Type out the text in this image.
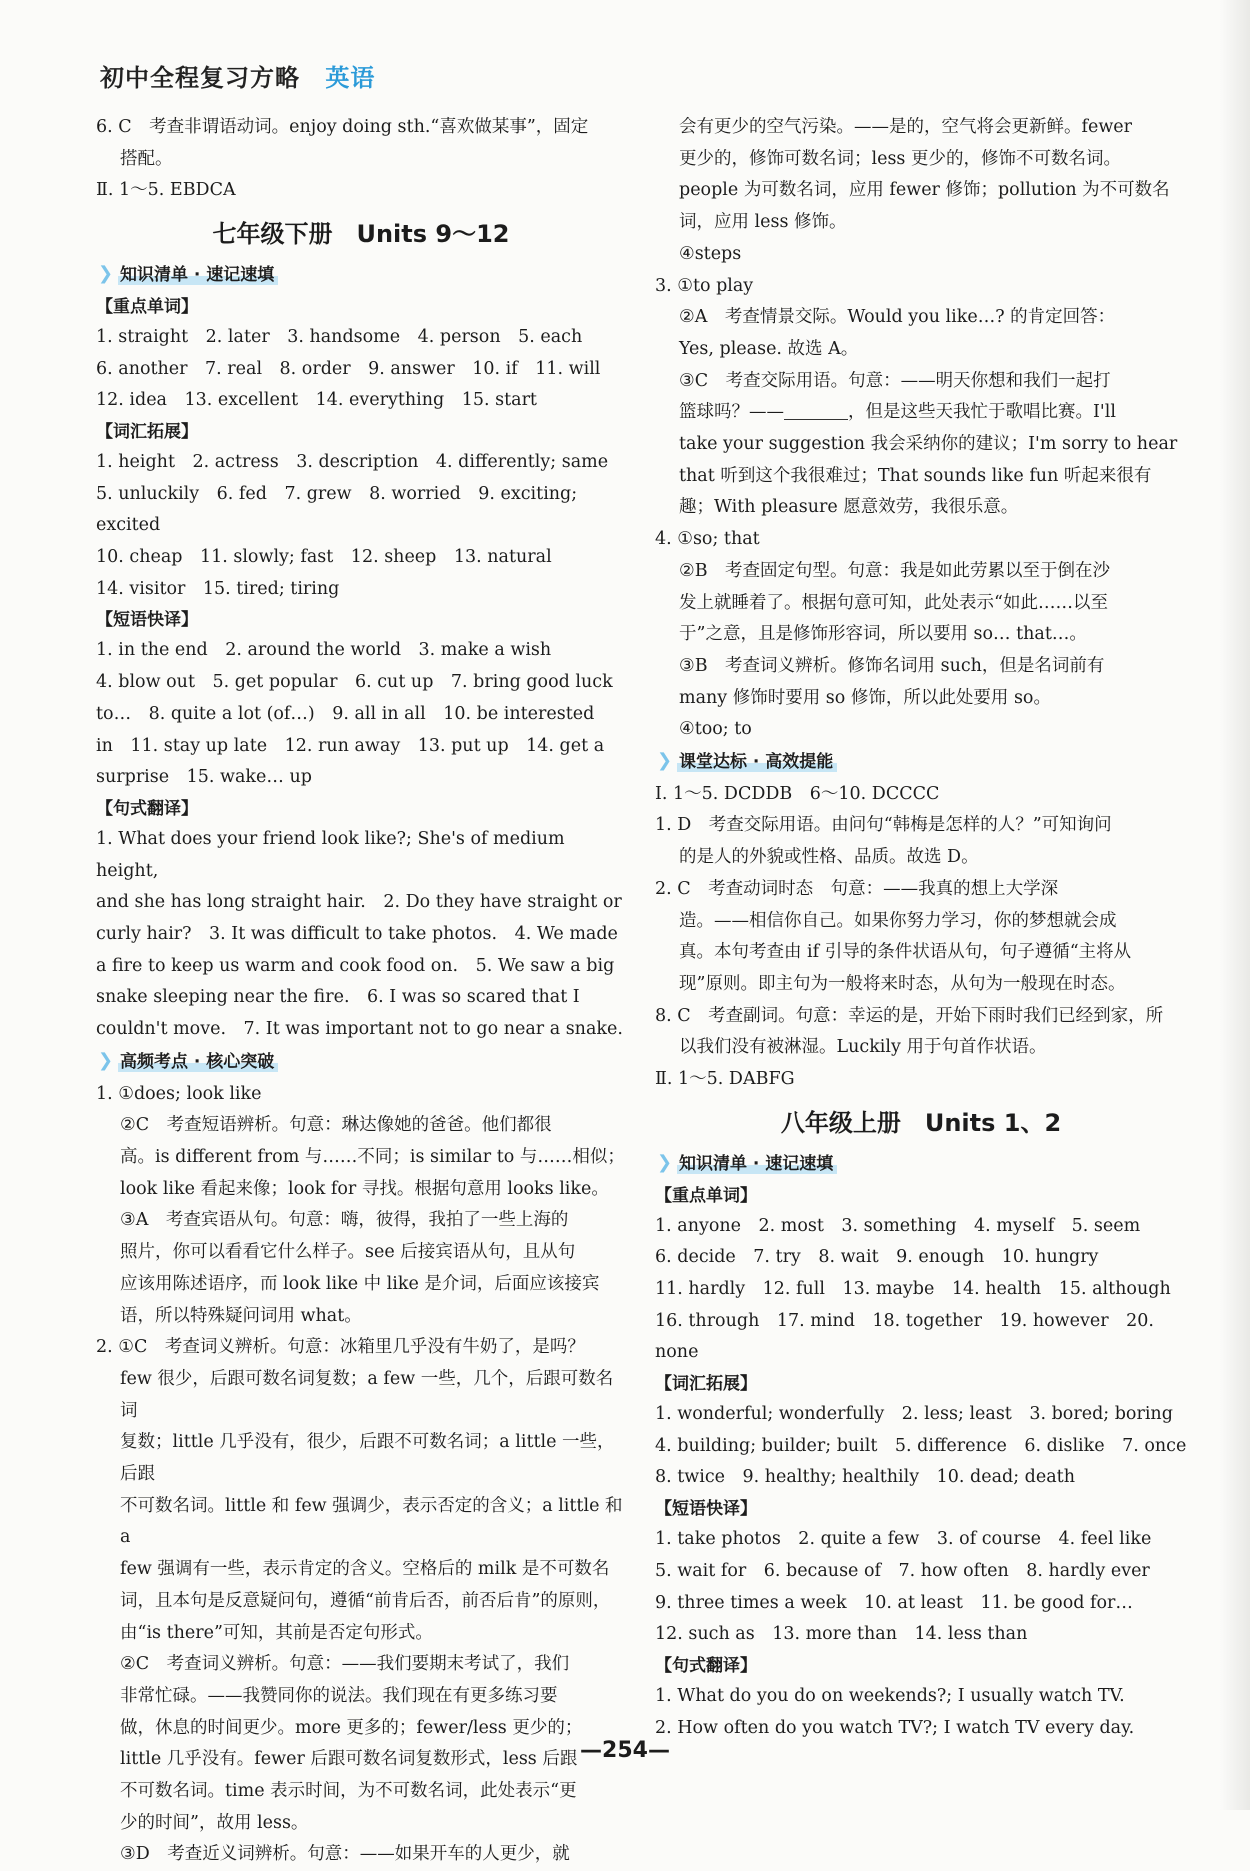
初中全程复习方略 英语

6. C　考查非谓语动词。enjoy doing sth.“喜欢做某事”，固定

搭配。

Ⅱ. 1～5. EBDCA

七年级下册　Units 9～12
❯ 知识清单 · 速记速填

【重点单词】

1. straight　2. later　3. handsome　4. person　5. each

6. another　7. real　8. order　9. answer　10. if　11. will

12. idea　13. excellent　14. everything　15. start

【词汇拓展】

1. height　2. actress　3. description　4. differently; same

5. unluckily　6. fed　7. grew　8. worried　9. exciting; excited

10. cheap　11. slowly; fast　12. sheep　13. natural

14. visitor　15. tired; tiring

【短语快译】

1. in the end　2. around the world　3. make a wish

4. blow out　5. get popular　6. cut up　7. bring good luck

to…　8. quite a lot (of…)　9. all in all　10. be interested

in　11. stay up late　12. run away　13. put up　14. get a

surprise　15. wake… up

【句式翻译】

1. What does your friend look like?; She's of medium height,

and she has long straight hair.　2. Do they have straight or

curly hair?　3. It was difficult to take photos.　4. We made

a fire to keep us warm and cook food on.　5. We saw a big

snake sleeping near the fire.　6. I was so scared that I

couldn't move.　7. It was important not to go near a snake.

❯ 高频考点 · 核心突破

1. ①does; look like

②C　考查短语辨析。句意：琳达像她的爸爸。他们都很

高。is different from 与……不同；is similar to 与……相似；

look like 看起来像；look for 寻找。根据句意用 looks like。

③A　考查宾语从句。句意：嗨，彼得，我拍了一些上海的

照片，你可以看看它什么样子。see 后接宾语从句，且从句

应该用陈述语序，而 look like 中 like 是介词，后面应该接宾

语，所以特殊疑问词用 what。

2. ①C　考查词义辨析。句意：冰箱里几乎没有牛奶了，是吗？

few 很少，后跟可数名词复数；a few 一些，几个，后跟可数名词

复数；little 几乎没有，很少，后跟不可数名词；a little 一些，后跟

不可数名词。little 和 few 强调少，表示否定的含义；a little 和 a

few 强调有一些，表示肯定的含义。空格后的 milk 是不可数名

词，且本句是反意疑问句，遵循“前肯后否，前否后肯”的原则，

由“is there”可知，其前是否定句形式。

②C　考查词义辨析。句意：——我们要期末考试了，我们

非常忙碌。——我赞同你的说法。我们现在有更多练习要

做，休息的时间更少。more 更多的；fewer/less 更少的；

little 几乎没有。fewer 后跟可数名词复数形式，less 后跟

不可数名词。time 表示时间，为不可数名词，此处表示“更

少的时间”，故用 less。

③D　考查近义词辨析。句意：——如果开车的人更少，就

会有更少的空气污染。——是的，空气将会更新鲜。fewer

更少的，修饰可数名词；less 更少的，修饰不可数名词。

people 为可数名词，应用 fewer 修饰；pollution 为不可数名

词，应用 less 修饰。

④steps

3. ①to play

②A　考查情景交际。Would you like…? 的肯定回答：

Yes, please. 故选 A。

③C　考查交际用语。句意：——明天你想和我们一起打

篮球吗？——	，但是这些天我忙于歌唱比赛。I'll

take your suggestion 我会采纳你的建议；I'm sorry to hear

that 听到这个我很难过；That sounds like fun 听起来很有

趣；With pleasure 愿意效劳，我很乐意。

4. ①so; that

②B　考查固定句型。句意：我是如此劳累以至于倒在沙

发上就睡着了。根据句意可知，此处表示“如此……以至

于”之意，且是修饰形容词，所以要用 so… that…。

③B　考查词义辨析。修饰名词用 such，但是名词前有

many 修饰时要用 so 修饰，所以此处要用 so。

④too; to

❯ 课堂达标 · 高效提能

Ⅰ. 1～5. DCDDB　6～10. DCCCC

1. D　考查交际用语。由问句“韩梅是怎样的人？”可知询问

的是人的外貌或性格、品质。故选 D。

2. C　考查动词时态　句意：——我真的想上大学深

造。——相信你自己。如果你努力学习，你的梦想就会成

真。本句考查由 if 引导的条件状语从句，句子遵循“主将从

现”原则。即主句为一般将来时态，从句为一般现在时态。

8. C　考查副词。句意：幸运的是，开始下雨时我们已经到家，所

以我们没有被淋湿。Luckily 用于句首作状语。

Ⅱ. 1～5. DABFG

八年级上册　Units 1、2
❯ 知识清单 · 速记速填

【重点单词】

1. anyone　2. most　3. something　4. myself　5. seem

6. decide　7. try　8. wait　9. enough　10. hungry

11. hardly　12. full　13. maybe　14. health　15. although

16. through　17. mind　18. together　19. however　20. none

【词汇拓展】

1. wonderful; wonderfully　2. less; least　3. bored; boring

4. building; builder; built　5. difference　6. dislike　7. once

8. twice　9. healthy; healthily　10. dead; death

【短语快译】

1. take photos　2. quite a few　3. of course　4. feel like

5. wait for　6. because of　7. how often　8. hardly ever

9. three times a week　10. at least　11. be good for…

12. such as　13. more than　14. less than

【句式翻译】

1. What do you do on weekends?; I usually watch TV.

2. How often do you watch TV?; I watch TV every day.

—254—
